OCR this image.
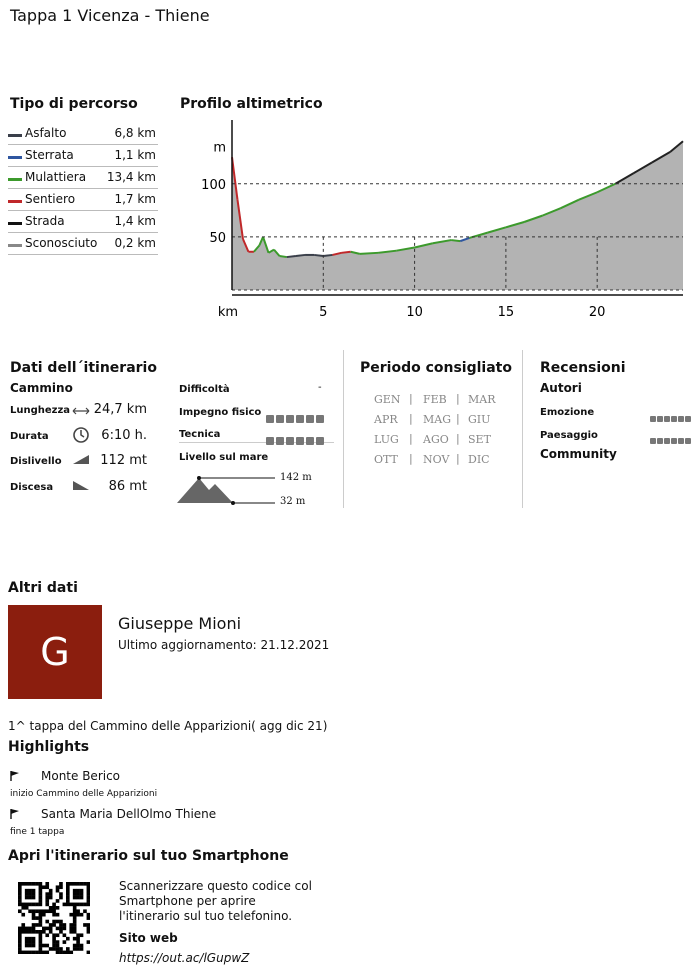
Tappa 1 Vicenza - Thiene
Tipo di percorso
Asfalto	6,8 km
Sterrata	1,1 km
Mulattiera 13,4 km
Sentiero	1,7 km
Strada	1,4 km
Sconosciuto 0,2 km
Profilo altimetrico
5	10	15	20
km
50
100
m
Dati dell´itinerario
Cammino
Lunghezza 24,7 km
Durata	6:10 h.
Dislivello	112 mt
Discesa	86 mt
Difficoltà	-
Impegno fisico
Tecnica
Livello sul mare
142 m
32 m
Periodo consigliato
GEN FEB MAR
|	|
APR MAG GIU
|	|
LUG AGO SET
|	|
OTT NOV DIC
|	|
Recensioni
Autori
Emozione
Paesaggio
Community
Altri dati
G
Giuseppe Mioni
Ultimo aggiornamento: 21.12.2021
1^ tappa del Cammino delle Apparizioni( agg dic 21)
Highlights
Monte Berico
inizio Cammino delle Apparizioni
Santa Maria DellOlmo Thiene
fine 1 tappa
Apri l'itinerario sul tuo Smartphone
Scannerizzare questo codice col Smartphone per aprire l'itinerario sul tuo telefonino.
Sito web
https://out.ac/lGupwZ
